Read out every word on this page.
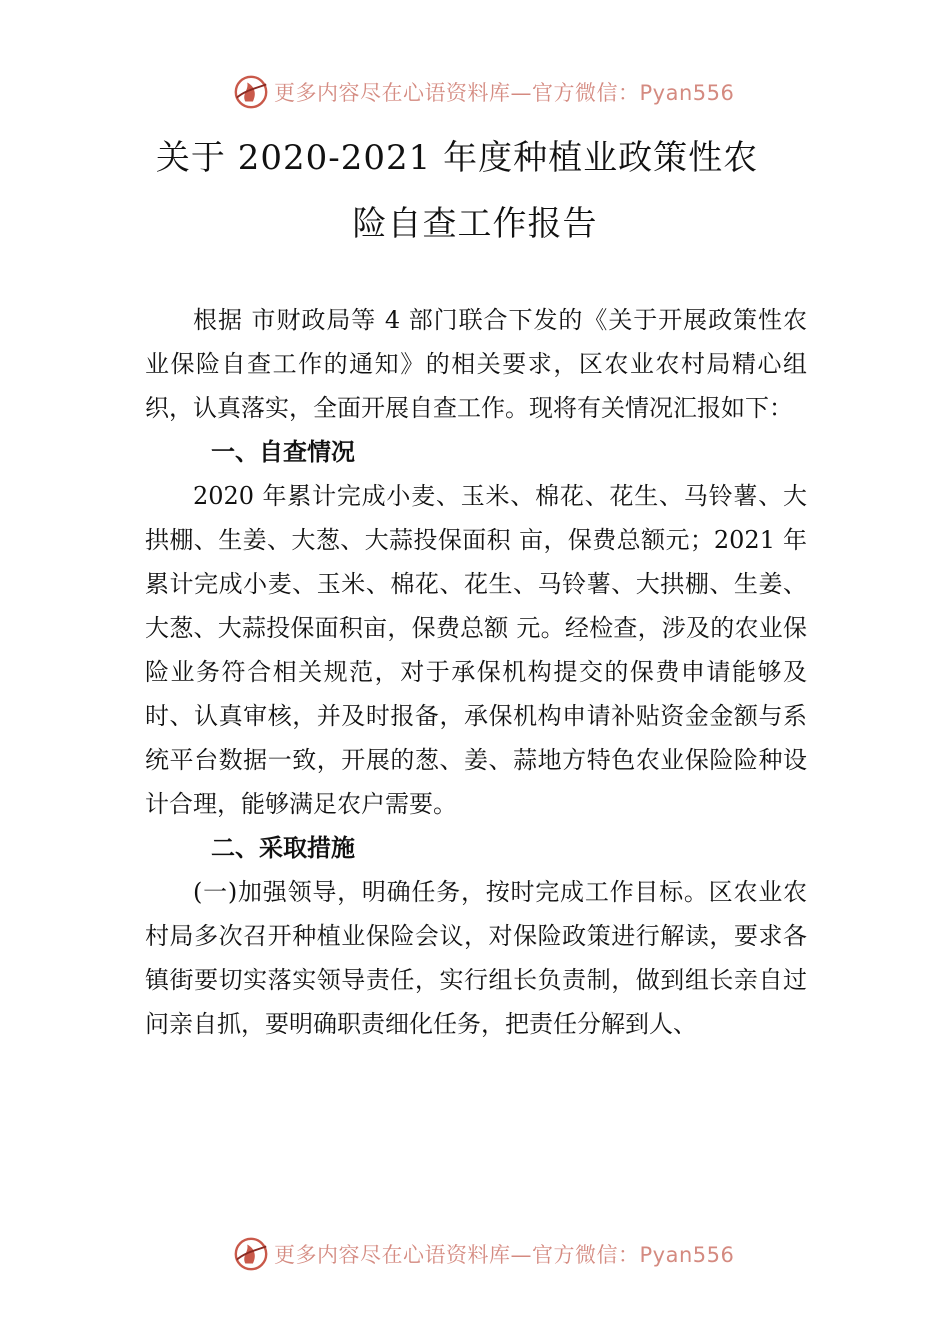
更多内容尽在心语资料库—官方微信：Pyan556
关于 2020-2021 年度种植业政策性农
险自查工作报告

根据 市财政局等 4 部门联合下发的《关于开展政策性农业保险自查工作的通知》的相关要求，区农业农村局精心组织，认真落实，全面开展自查工作。现将有关情况汇报如下：

一、自查情况

2020 年累计完成小麦、玉米、棉花、花生、马铃薯、大拱棚、生姜、大葱、大蒜投保面积 亩，保费总额元；2021 年累计完成小麦、玉米、棉花、花生、马铃薯、大拱棚、生姜、大葱、大蒜投保面积亩，保费总额 元。经检查，涉及的农业保险业务符合相关规范，对于承保机构提交的保费申请能够及时、认真审核，并及时报备，承保机构申请补贴资金金额与系统平台数据一致，开展的葱、姜、蒜地方特色农业保险险种设计合理，能够满足农户需要。

二、采取措施

(一)加强领导，明确任务，按时完成工作目标。区农业农村局多次召开种植业保险会议，对保险政策进行解读，要求各镇街要切实落实领导责任，实行组长负责制，做到组长亲自过问亲自抓，要明确职责细化任务，把责任分解到人、

更多内容尽在心语资料库—官方微信：Pyan556
